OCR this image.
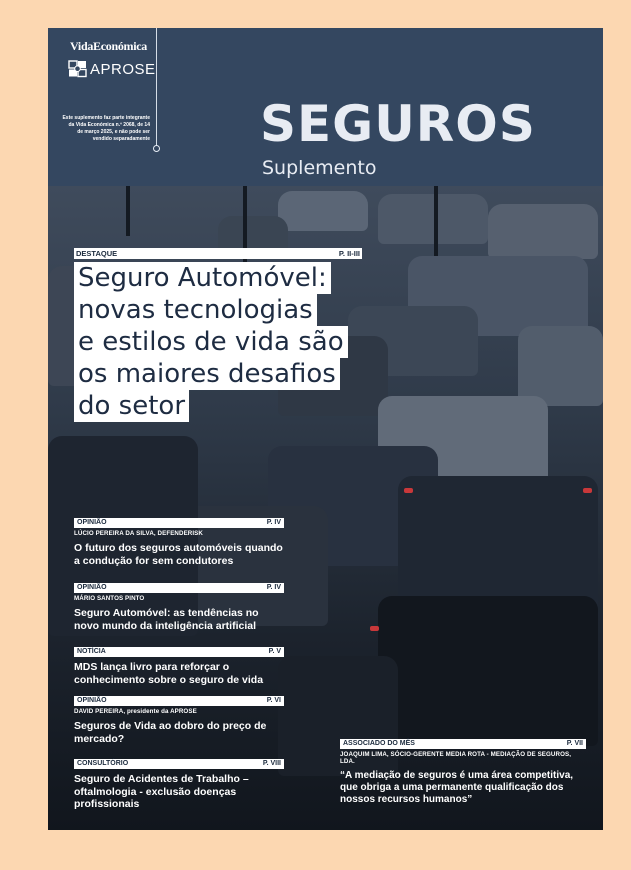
VidaEconómica
APROSE
Este suplemento faz parte integrante da Vida Económica n.º 2068, de 14 de março 2025, e não pode ser vendido separadamente SEGUROS
Suplemento
DESTAQUE	P. II-III
Seguro Automóvel:
novas tecnologias
e estilos de vida são
os maiores desafios
do setor
OPINIÃO	P. IV
LÚCIO PEREIRA DA SILVA, DEFENDERISK
O futuro dos seguros automóveis quando a condução for sem condutores
OPINIÃO	P. IV
MÁRIO SANTOS PINTO
Seguro Automóvel: as tendências no novo mundo da inteligência artificial
NOTÍCIA	P. V
MDS lança livro para reforçar o conhecimento sobre o seguro de vida
OPINIÃO	P. VI
DAVID PEREIRA, presidente da APROSE
Seguros de Vida ao dobro do preço de mercado?
CONSULTÓRIO	P. VIII
Seguro de Acidentes de Trabalho – oftalmologia - exclusão doenças profissionais
ASSOCIADO DO MÊS	P. VII
JOAQUIM LIMA, SÓCIO-GERENTE MEDIA ROTA - MEDIAÇÃO DE SEGUROS, LDA.
“A mediação de seguros é uma área competitiva, que obriga a uma permanente qualificação dos nossos recursos humanos”
